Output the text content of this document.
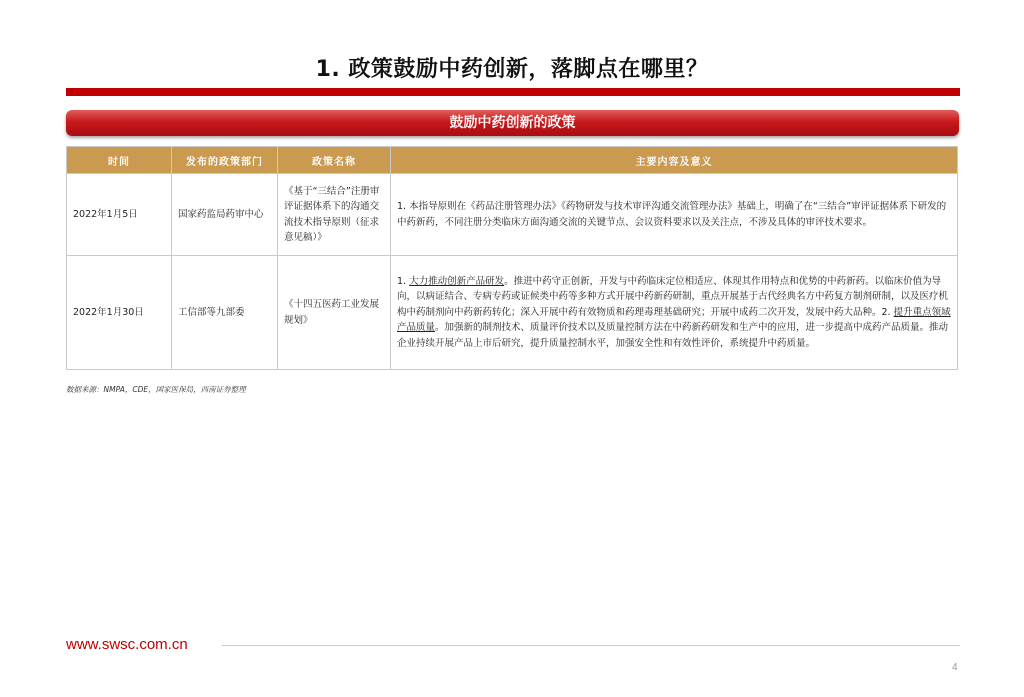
1. 政策鼓励中药创新，落脚点在哪里？
鼓励中药创新的政策
时间	发布的政策部门	政策名称	主要内容及意义
2022年1月5日	国家药监局药审中心	《基于“三结合”注册审评证据体系下的沟通交流技术指导原则（征求意见稿）》	1. 本指导原则在《药品注册管理办法》《药物研发与技术审评沟通交流管理办法》基础上，明确了在“三结合”审评证据体系下研发的中药新药，不同注册分类临床方面沟通交流的关键节点、会议资料要求以及关注点，不涉及具体的审评技术要求。
2022年1月30日	工信部等九部委	《十四五医药工业发展规划》	1. 大力推动创新产品研发。推进中药守正创新，开发与中药临床定位相适应、体现其作用特点和优势的中药新药。以临床价值为导向，以病证结合、专病专药或证候类中药等多种方式开展中药新药研制，重点开展基于古代经典名方中药复方制剂研制，以及医疗机构中药制剂向中药新药转化；深入开展中药有效物质和药理毒理基础研究；开展中成药二次开发，发展中药大品种。2. 提升重点领域产品质量。加强新的制剂技术、质量评价技术以及质量控制方法在中药新药研发和生产中的应用，进一步提高中成药产品质量。推动企业持续开展产品上市后研究，提升质量控制水平，加强安全性和有效性评价，系统提升中药质量。
数据来源：NMPA，CDE，国家医保局，西南证券整理
www.swsc.com.cn
4
